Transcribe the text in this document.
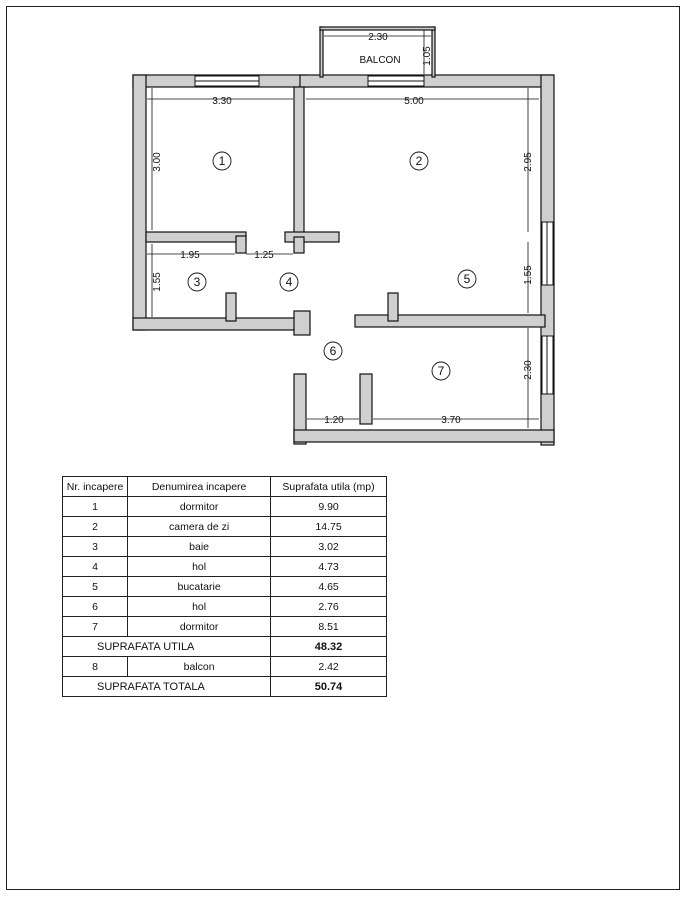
2.30
BALCON 1.05
3.30	5.00
3.00	2.95
1.95	1.25
1.55	1.55
2.30
1.20	3.70
1	2
3	4	5
6
7
Nr. incapere	Denumirea incapere	Suprafata utila (mp)
1	dormitor	9.90
2	camera de zi	14.75
3	baie	3.02
4	hol	4.73
5	bucatarie	4.65
6	hol	2.76
7	dormitor	8.51
SUPRAFATA UTILA		48.32
8	balcon	2.42
SUPRAFATA TOTALA		50.74
